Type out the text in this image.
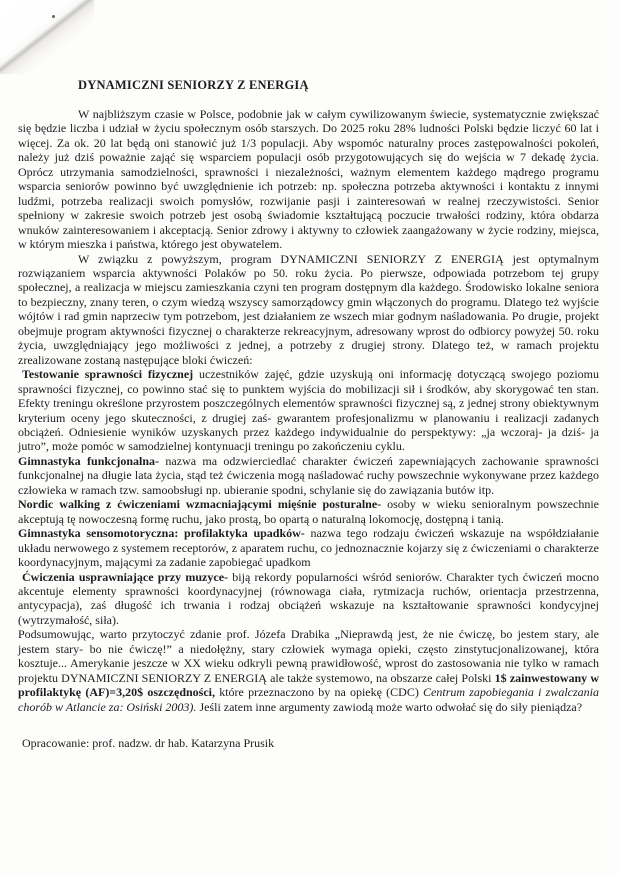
DYNAMICZNI SENIORZY Z ENERGIĄ

W najbliższym czasie w Polsce, podobnie jak w całym cywilizowanym świecie, systematycznie zwiększać się będzie liczba i udział w życiu społecznym osób starszych. Do 2025 roku 28% ludności Polski będzie liczyć 60 lat i więcej. Za ok. 20 lat będą oni stanowić już 1/3 populacji. Aby wspomóc naturalny proces zastępowalności pokoleń, należy już dziś poważnie zająć się wsparciem populacji osób przygotowujących się do wejścia w 7 dekadę życia. Oprócz utrzymania samodzielności, sprawności i niezależności, ważnym elementem każdego mądrego programu wsparcia seniorów powinno być uwzględnienie ich potrzeb: np. społeczna potrzeba aktywności i kontaktu z innymi ludźmi, potrzeba realizacji swoich pomysłów, rozwijanie pasji i zainteresowań w realnej rzeczywistości. Senior spełniony w zakresie swoich potrzeb jest osobą świadomie kształtującą poczucie trwałości rodziny, która obdarza wnuków zainteresowaniem i akceptacją. Senior zdrowy i aktywny to człowiek zaangażowany w życie rodziny, miejsca, w którym mieszka i państwa, którego jest obywatelem.

W związku z powyższym, program DYNAMICZNI SENIORZY Z ENERGIĄ jest optymalnym rozwiązaniem wsparcia aktywności Polaków po 50. roku życia. Po pierwsze, odpowiada potrzebom tej grupy społecznej, a realizacja w miejscu zamieszkania czyni ten program dostępnym dla każdego. Środowisko lokalne seniora to bezpieczny, znany teren, o czym wiedzą wszyscy samorządowcy gmin włączonych do programu. Dlatego też wyjście wójtów i rad gmin naprzeciw tym potrzebom, jest działaniem ze wszech miar godnym naśladowania. Po drugie, projekt obejmuje program aktywności fizycznej o charakterze rekreacyjnym, adresowany wprost do odbiorcy powyżej 50. roku życia, uwzględniający jego możliwości z jednej, a potrzeby z drugiej strony. Dlatego też, w ramach projektu zrealizowane zostaną następujące bloki ćwiczeń:

Testowanie sprawności fizycznej uczestników zajęć, gdzie uzyskują oni informację dotyczącą swojego poziomu sprawności fizycznej, co powinno stać się to punktem wyjścia do mobilizacji sił i środków, aby skorygować ten stan. Efekty treningu określone przyrostem poszczególnych elementów sprawności fizycznej są, z jednej strony obiektywnym kryterium oceny jego skuteczności, z drugiej zaś- gwarantem profesjonalizmu w planowaniu i realizacji zadanych obciążeń. Odniesienie wyników uzyskanych przez każdego indywidualnie do perspektywy: „ja wczoraj- ja dziś- ja jutro”, może pomóc w samodzielnej kontynuacji treningu po zakończeniu cyklu.

Gimnastyka funkcjonalna- nazwa ma odzwierciedlać charakter ćwiczeń zapewniających zachowanie sprawności funkcjonalnej na długie lata życia, stąd też ćwiczenia mogą naśladować ruchy powszechnie wykonywane przez każdego człowieka w ramach tzw. samoobsługi np. ubieranie spodni, schylanie się do zawiązania butów itp.

Nordic walking z ćwiczeniami wzmacniającymi mięśnie posturalne- osoby w wieku senioralnym powszechnie akceptują tę nowoczesną formę ruchu, jako prostą, bo opartą o naturalną lokomocję, dostępną i tanią.

Gimnastyka sensomotoryczna: profilaktyka upadków- nazwa tego rodzaju ćwiczeń wskazuje na współdziałanie układu nerwowego z systemem receptorów, z aparatem ruchu, co jednoznacznie kojarzy się z ćwiczeniami o charakterze koordynacyjnym, mającymi za zadanie zapobiegać upadkom

Ćwiczenia usprawniające przy muzyce- biją rekordy popularności wśród seniorów. Charakter tych ćwiczeń mocno akcentuje elementy sprawności koordynacyjnej (równowaga ciała, rytmizacja ruchów, orientacja przestrzenna, antycypacja), zaś długość ich trwania i rodzaj obciążeń wskazuje na kształtowanie sprawności kondycyjnej (wytrzymałość, siła).

Podsumowując, warto przytoczyć zdanie prof. Józefa Drabika „Nieprawdą jest, że nie ćwiczę, bo jestem stary, ale jestem stary- bo nie ćwiczę!” a niedołężny, stary człowiek wymaga opieki, często zinstytucjonalizowanej, która kosztuje... Amerykanie jeszcze w XX wieku odkryli pewną prawidłowość, wprost do zastosowania nie tylko w ramach projektu DYNAMICZNI SENIORZY Z ENERGIĄ ale także systemowo, na obszarze całej Polski 1$ zainwestowany w profilaktykę (AF)=3,20$ oszczędności, które przeznaczono by na opiekę (CDC) Centrum zapobiegania i zwalczania chorób w Atlancie za: Osiński 2003). Jeśli zatem inne argumenty zawiodą może warto odwołać się do siły pieniądza?

Opracowanie: prof. nadzw. dr hab. Katarzyna Prusik
